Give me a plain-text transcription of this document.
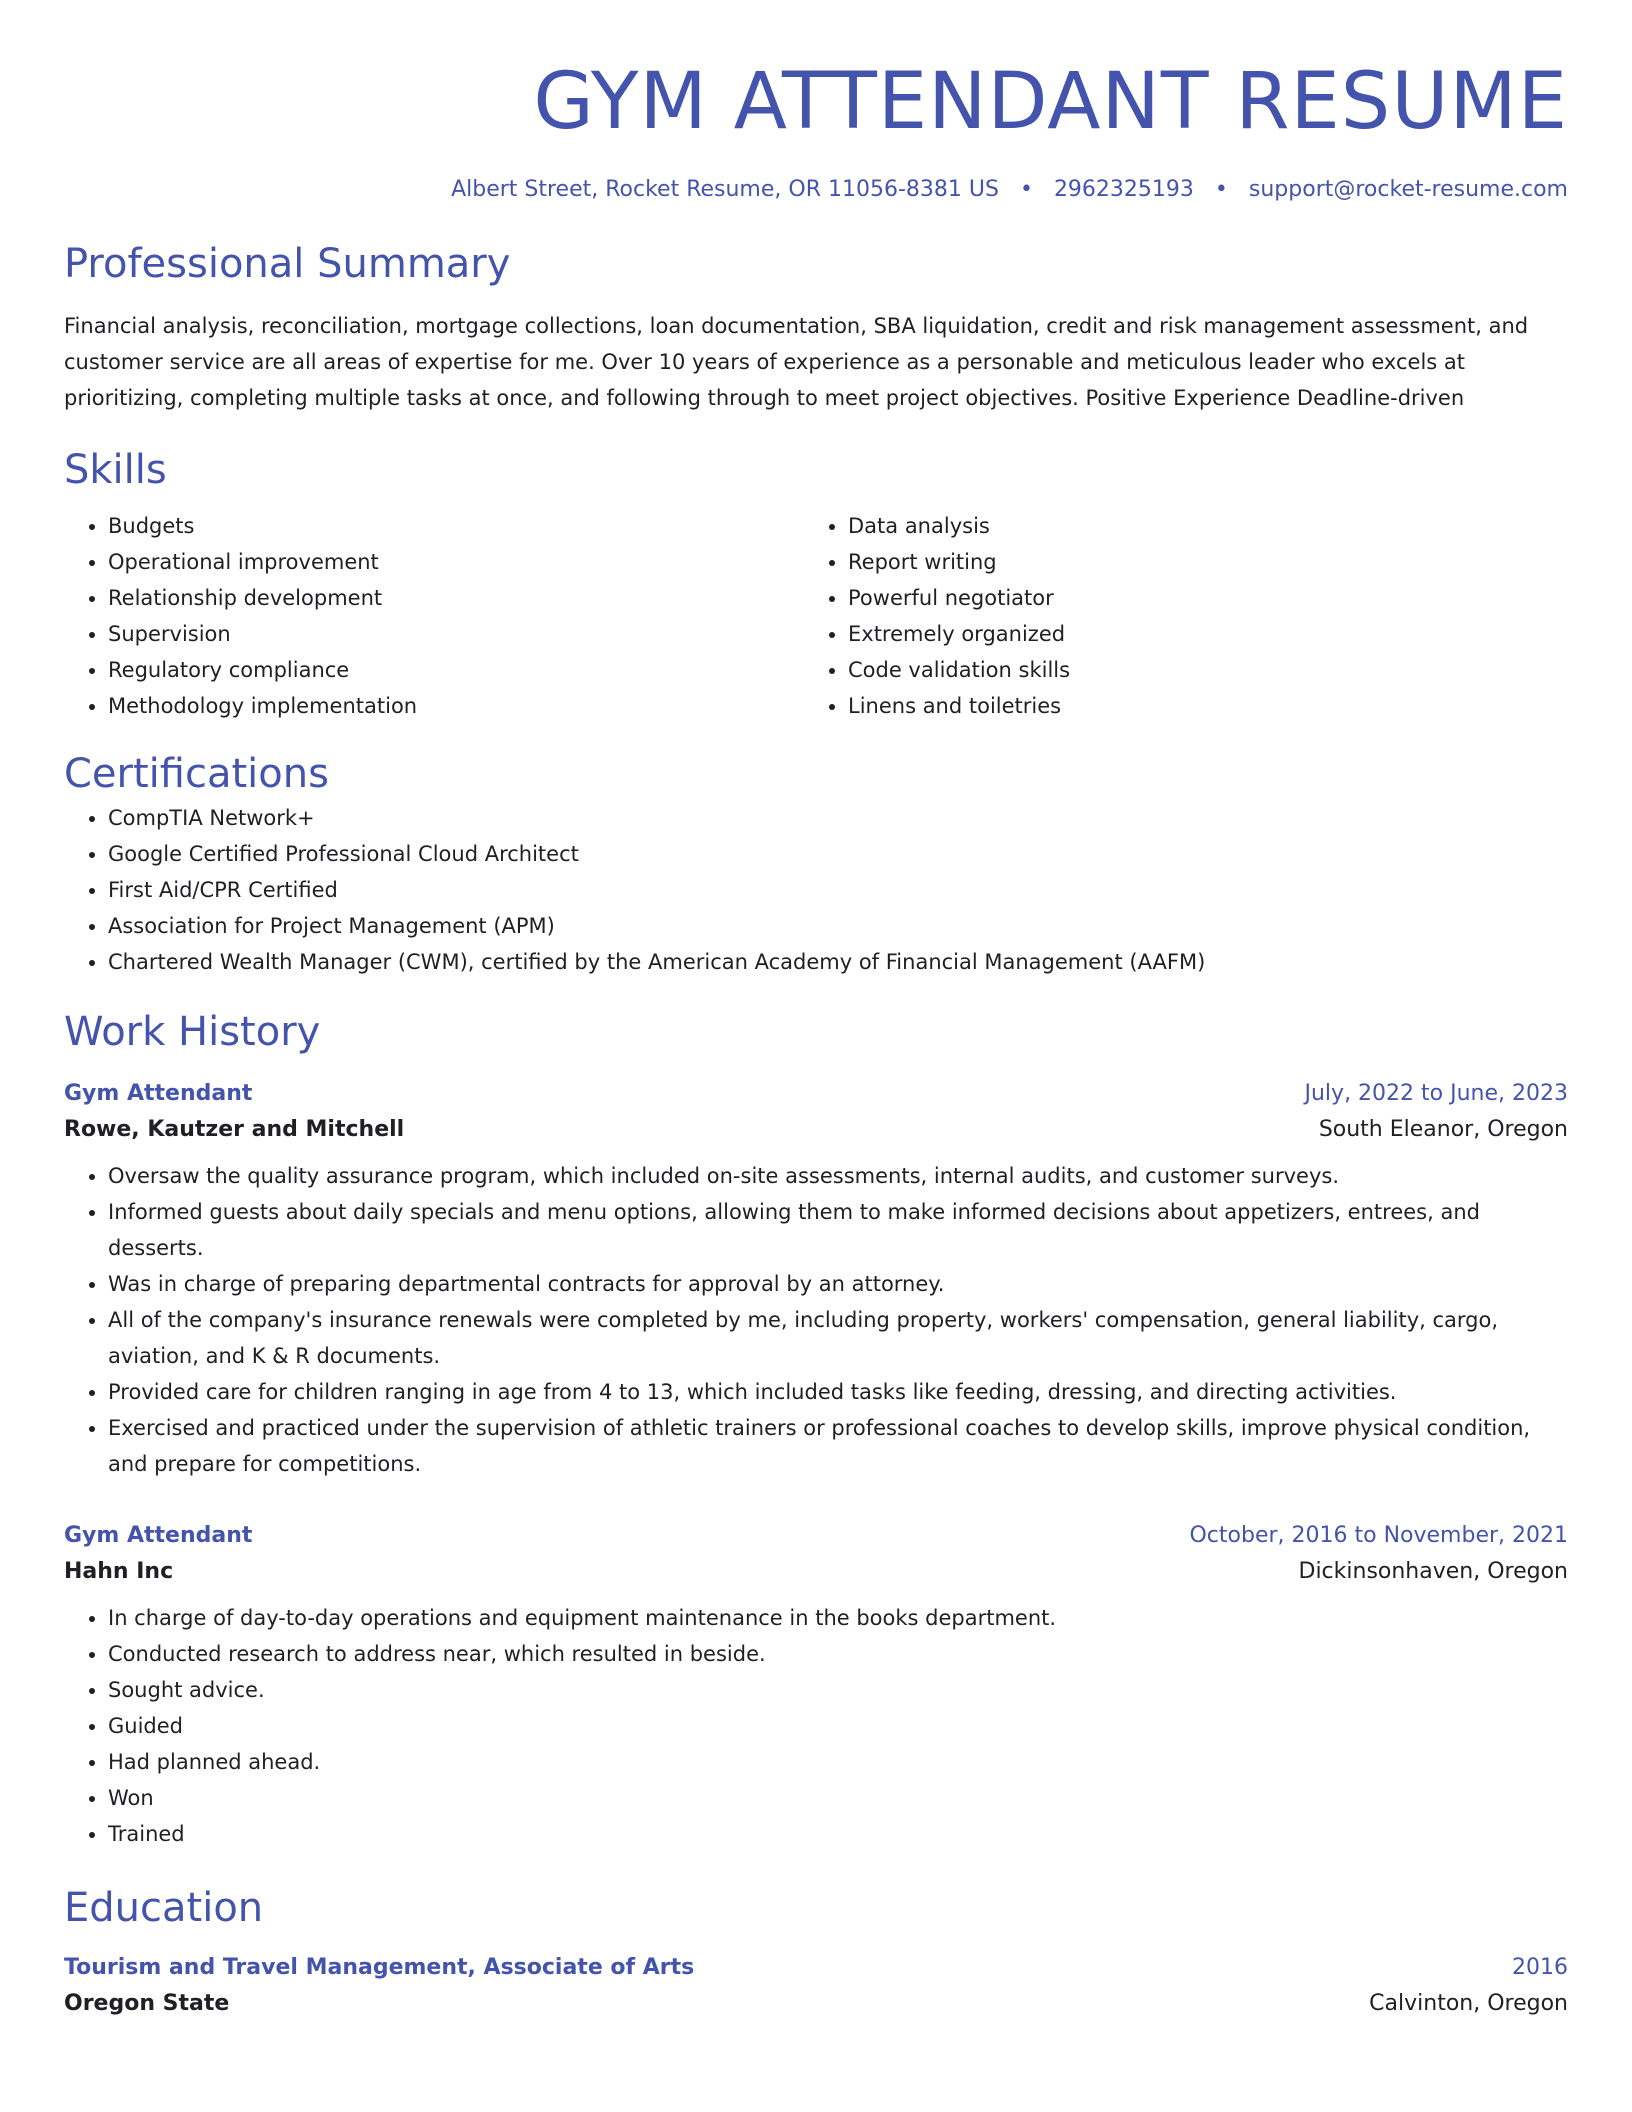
GYM ATTENDANT RESUME
Albert Street, Rocket Resume, OR 11056-8381 US • 2962325193 • support@rocket-resume.com
Professional Summary

Financial analysis, reconciliation, mortgage collections, loan documentation, SBA liquidation, credit and risk management assessment, and customer service are all areas of expertise for me. Over 10 years of experience as a personable and meticulous leader who excels at prioritizing, completing multiple tasks at once, and following through to meet project objectives. Positive Experience Deadline-driven

Skills
• Budgets
• Operational improvement
• Relationship development
• Supervision
• Regulatory compliance
• Methodology implementation
• Data analysis
• Report writing
• Powerful negotiator
• Extremely organized
• Code validation skills
• Linens and toiletries
Certifications
• CompTIA Network+
• Google Certified Professional Cloud Architect
• First Aid/CPR Certified
• Association for Project Management (APM)
• Chartered Wealth Manager (CWM), certified by the American Academy of Financial Management (AAFM)
Work History
Gym Attendant	July, 2022 to June, 2023
Rowe, Kautzer and Mitchell	South Eleanor, Oregon
• Oversaw the quality assurance program, which included on-site assessments, internal audits, and customer surveys.
• Informed guests about daily specials and menu options, allowing them to make informed decisions about appetizers, entrees, and desserts.
• Was in charge of preparing departmental contracts for approval by an attorney.
• All of the company's insurance renewals were completed by me, including property, workers' compensation, general liability, cargo, aviation, and K & R documents.
• Provided care for children ranging in age from 4 to 13, which included tasks like feeding, dressing, and directing activities.
• Exercised and practiced under the supervision of athletic trainers or professional coaches to develop skills, improve physical condition, and prepare for competitions.
Gym Attendant	October, 2016 to November, 2021
Hahn Inc	Dickinsonhaven, Oregon
• In charge of day-to-day operations and equipment maintenance in the books department.
• Conducted research to address near, which resulted in beside.
• Sought advice.
• Guided
• Had planned ahead.
• Won
• Trained
Education
Tourism and Travel Management, Associate of Arts	2016
Oregon State	Calvinton, Oregon
